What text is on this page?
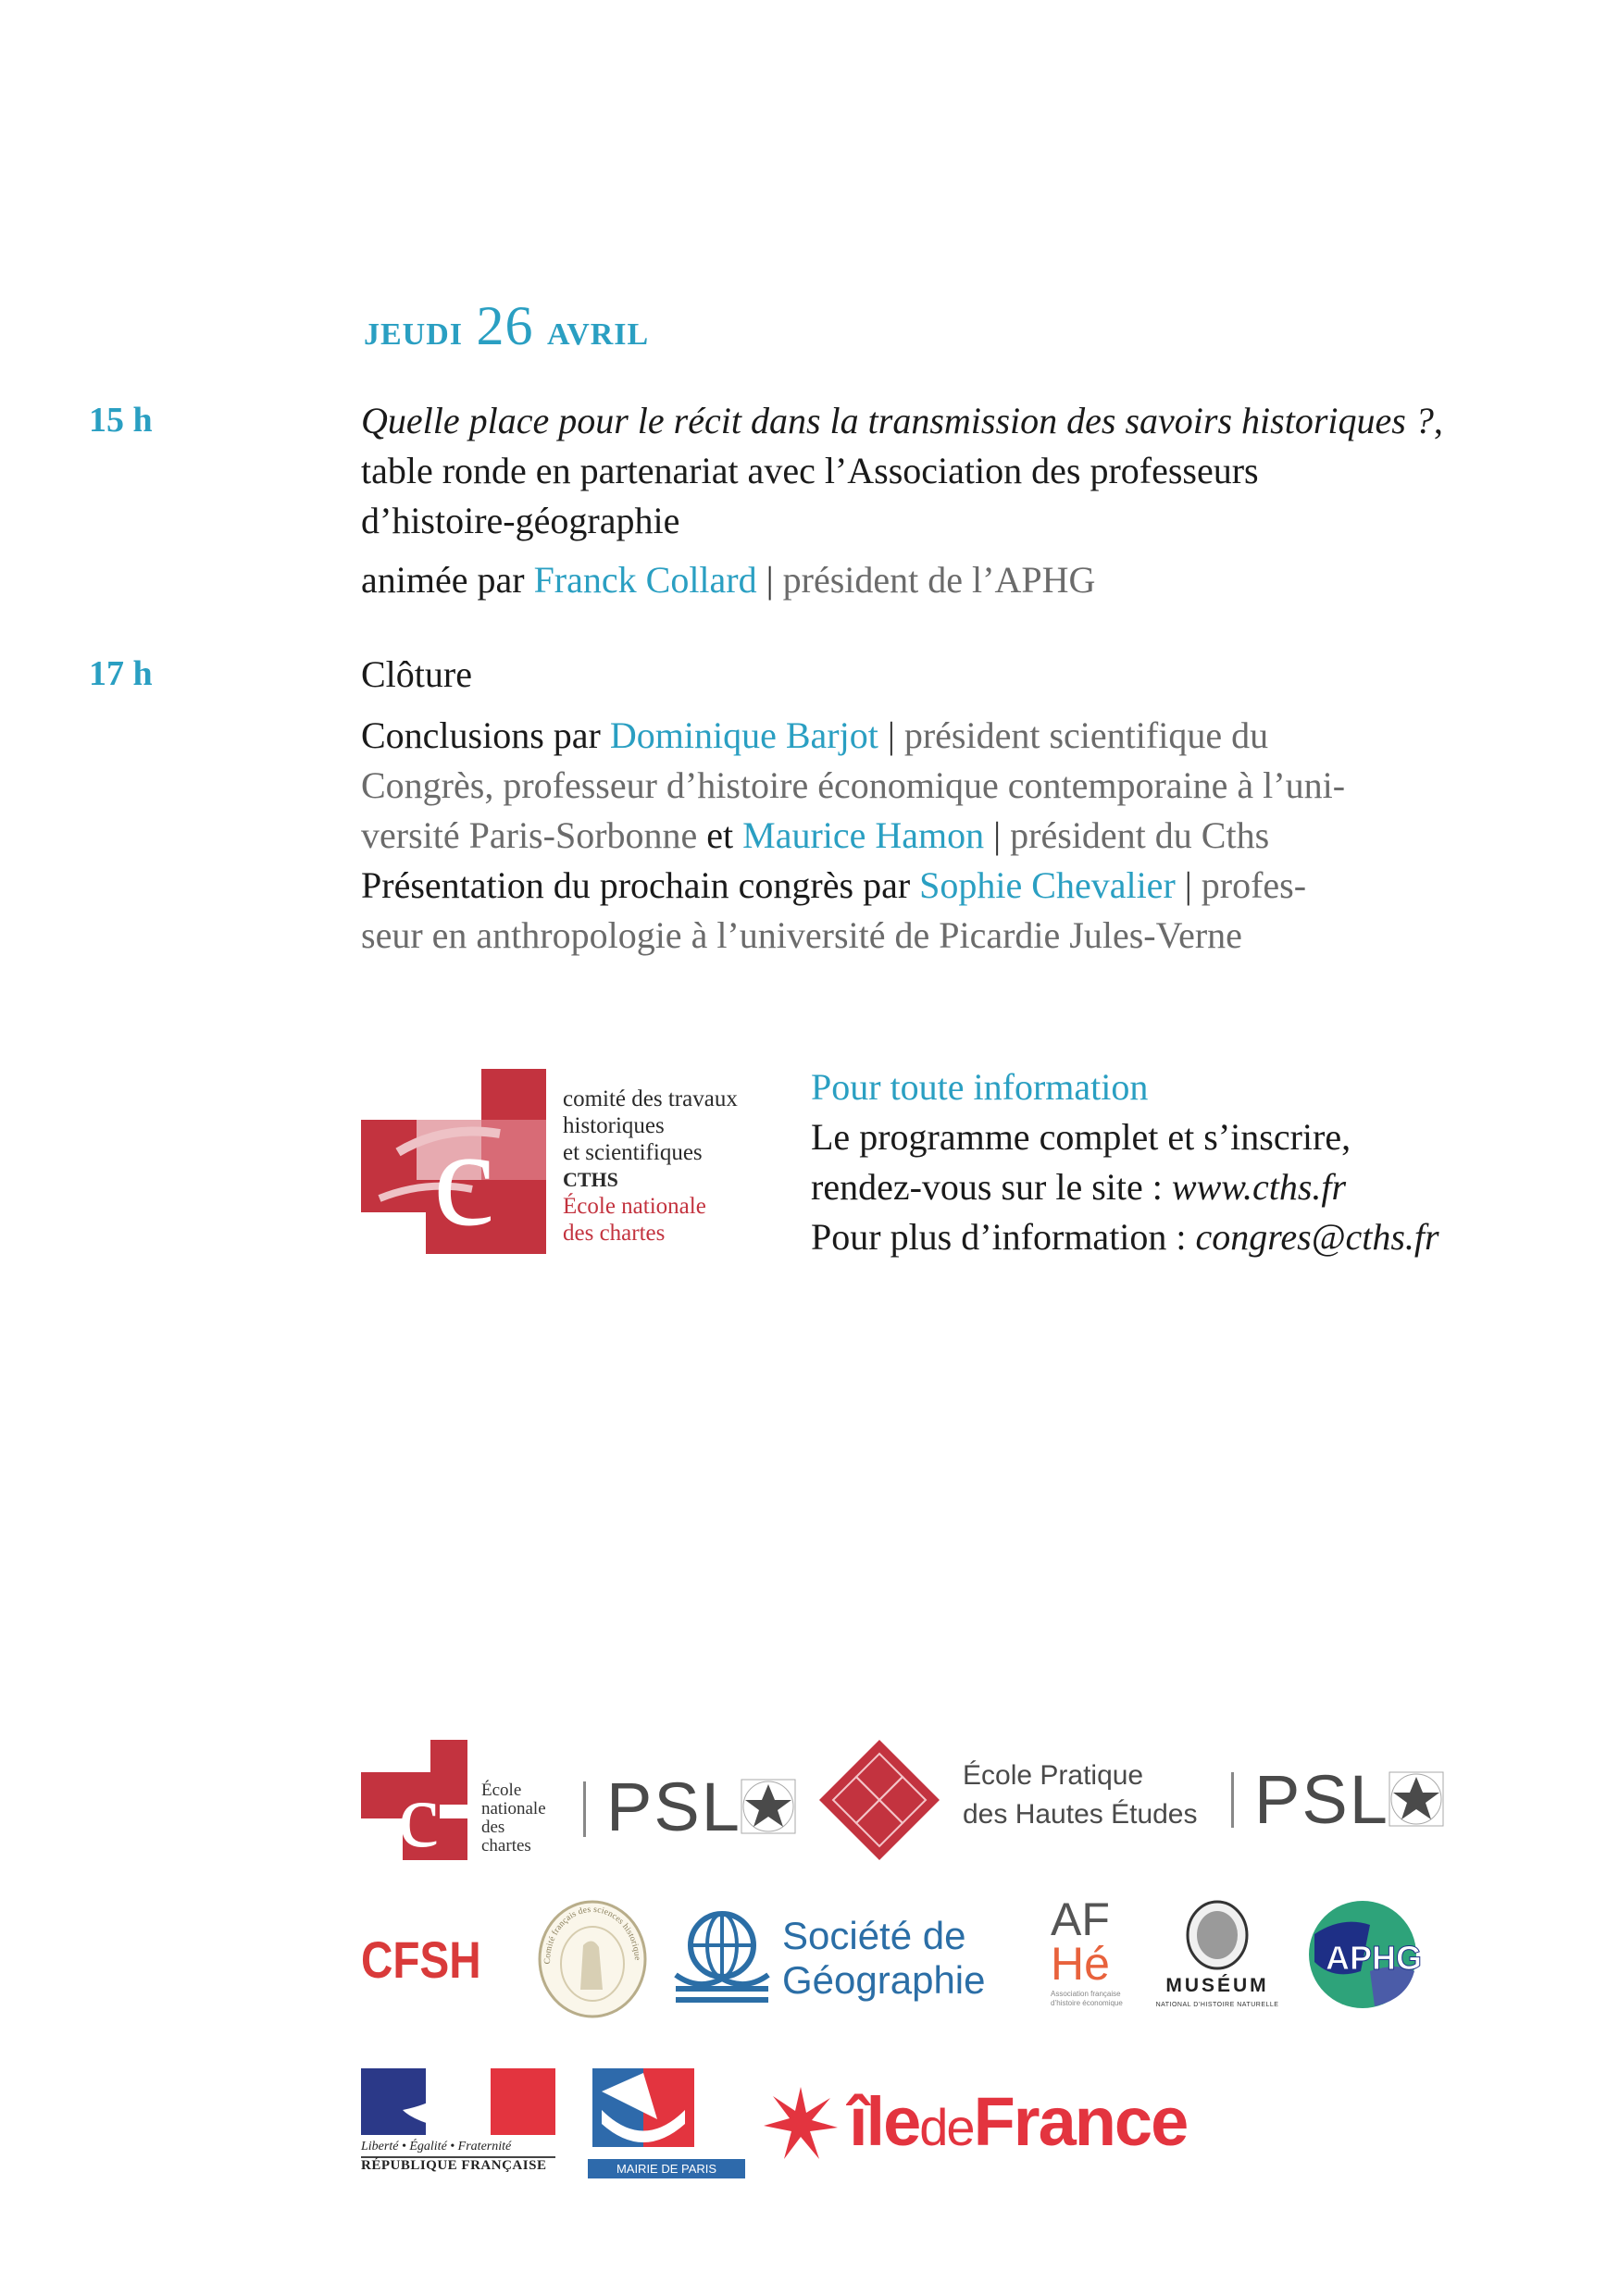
jeudi 26 avril
15 h	Quelle place pour le récit dans la transmission des savoirs historiques ?,

table ronde en partenariat avec l’Association des professeurs

d’histoire-géographie

animée par Franck Collard | président de l’APHG

17 h	Clôture

Conclusions par Dominique Barjot | président scientifique du

Congrès, professeur d’histoire économique contemporaine à l’uni-

versité Paris-Sorbonne et Maurice Hamon | président du Cths

Présentation du prochain congrès par Sophie Chevalier | profes-

seur en anthropologie à l’université de Picardie Jules-Verne

c
comité des travaux
historiques
et scientifiques
CTHS
École nationale
des chartes
Pour toute information
Le programme complet et s’inscrire,
rendez-vous sur le site : www.cths.fr
Pour plus d’information : congres@cths.fr
c École
nationale
des
chartes
PSL	École Pratique
des Hautes Études PSL
CFSH	Comité français des sciences historique
Société de
Géographie
AF
Hé
Association française d’histoire économique
MUSÉUM
NATIONAL D’HISTOIRE NATURELLE
APHG
Liberté • Égalité • Fraternité
RÉPUBLIQUE FRANÇAISE	MAIRIE DE PARIS
îledeFrance
